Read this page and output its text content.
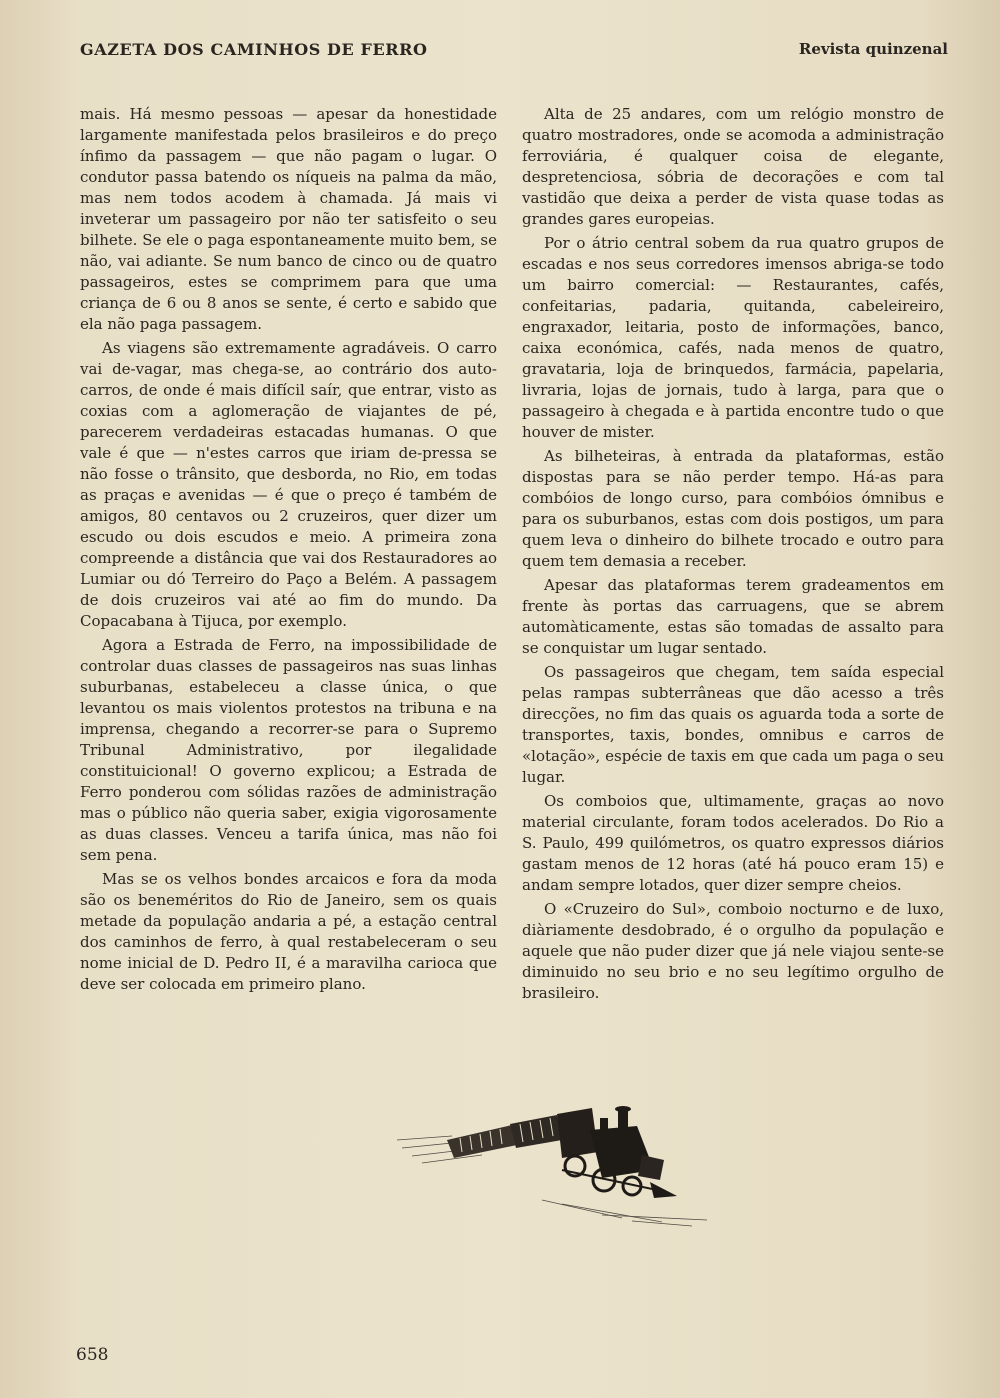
GAZETA DOS CAMINHOS DE FERRO	Revista quinzenal

mais. Há mesmo pessoas — apesar da honestidade largamente manifestada pelos brasileiros e do preço ínfimo da passagem — que não pagam o lugar. O condutor passa batendo os níqueis na palma da mão, mas nem todos acodem à chamada. Já mais vi inveterar um passageiro por não ter satisfeito o seu bilhete. Se ele o paga espontaneamente muito bem, se não, vai adiante. Se num banco de cinco ou de quatro passageiros, estes se comprimem para que uma criança de 6 ou 8 anos se sente, é certo e sabido que ela não paga passagem.

As viagens são extremamente agradáveis. O carro vai de-vagar, mas chega-se, ao contrário dos auto-carros, de onde é mais difícil saír, que entrar, visto as coxias com a aglomeração de viajantes de pé, parecerem verdadeiras estacadas humanas. O que vale é que — n'estes carros que iriam de-pressa se não fosse o trânsito, que desborda, no Rio, em todas as praças e avenidas — é que o preço é também de amigos, 80 centavos ou 2 cruzeiros, quer dizer um escudo ou dois escudos e meio. A primeira zona compreende a distância que vai dos Restauradores ao Lumiar ou dó Terreiro do Paço a Belém. A passagem de dois cruzeiros vai até ao fim do mundo. Da Copacabana à Tijuca, por exemplo.

Agora a Estrada de Ferro, na impossibilidade de controlar duas classes de passageiros nas suas linhas suburbanas, estabeleceu a classe única, o que levantou os mais violentos protestos na tribuna e na imprensa, chegando a recorrer-se para o Supremo Tribunal Administrativo, por ilegalidade constituicional! O governo explicou; a Estrada de Ferro ponderou com sólidas razões de administração mas o público não queria saber, exigia vigorosamente as duas classes. Venceu a tarifa única, mas não foi sem pena.

Mas se os velhos bondes arcaicos e fora da moda são os beneméritos do Rio de Janeiro, sem os quais metade da população andaria a pé, a estação central dos caminhos de ferro, à qual restabeleceram o seu nome inicial de D. Pedro II, é a maravilha carioca que deve ser colocada em primeiro plano.

Alta de 25 andares, com um relógio monstro de quatro mostradores, onde se acomoda a administração ferroviária, é qualquer coisa de elegante, despretenciosa, sóbria de decorações e com tal vastidão que deixa a perder de vista quase todas as grandes gares europeias.

Por o átrio central sobem da rua quatro grupos de escadas e nos seus corredores imensos abriga-se todo um bairro comercial: — Restaurantes, cafés, confeitarias, padaria, quitanda, cabeleireiro, engraxador, leitaria, posto de informações, banco, caixa económica, cafés, nada menos de quatro, gravataria, loja de brinquedos, farmácia, papelaria, livraria, lojas de jornais, tudo à larga, para que o passageiro à chegada e à partida encontre tudo o que houver de mister.

As bilheteiras, à entrada da plataformas, estão dispostas para se não perder tempo. Há-as para combóios de longo curso, para combóios ómnibus e para os suburbanos, estas com dois postigos, um para quem leva o dinheiro do bilhete trocado e outro para quem tem demasia a receber.

Apesar das plataformas terem gradeamentos em frente às portas das carruagens, que se abrem automàticamente, estas são tomadas de assalto para se conquistar um lugar sentado.

Os passageiros que chegam, tem saída especial pelas rampas subterrâneas que dão acesso a três direcções, no fim das quais os aguarda toda a sorte de transportes, taxis, bondes, omnibus e carros de «lotação», espécie de taxis em que cada um paga o seu lugar.

Os comboios que, ultimamente, graças ao novo material circulante, foram todos acelerados. Do Rio a S. Paulo, 499 quilómetros, os quatro expressos diários gastam menos de 12 horas (até há pouco eram 15) e andam sempre lotados, quer dizer sempre cheios.

O «Cruzeiro do Sul», comboio nocturno e de luxo, diàriamente desdobrado, é o orgulho da população e aquele que não puder dizer que já nele viajou sente-se diminuido no seu brio e no seu legítimo orgulho de brasileiro.

658
